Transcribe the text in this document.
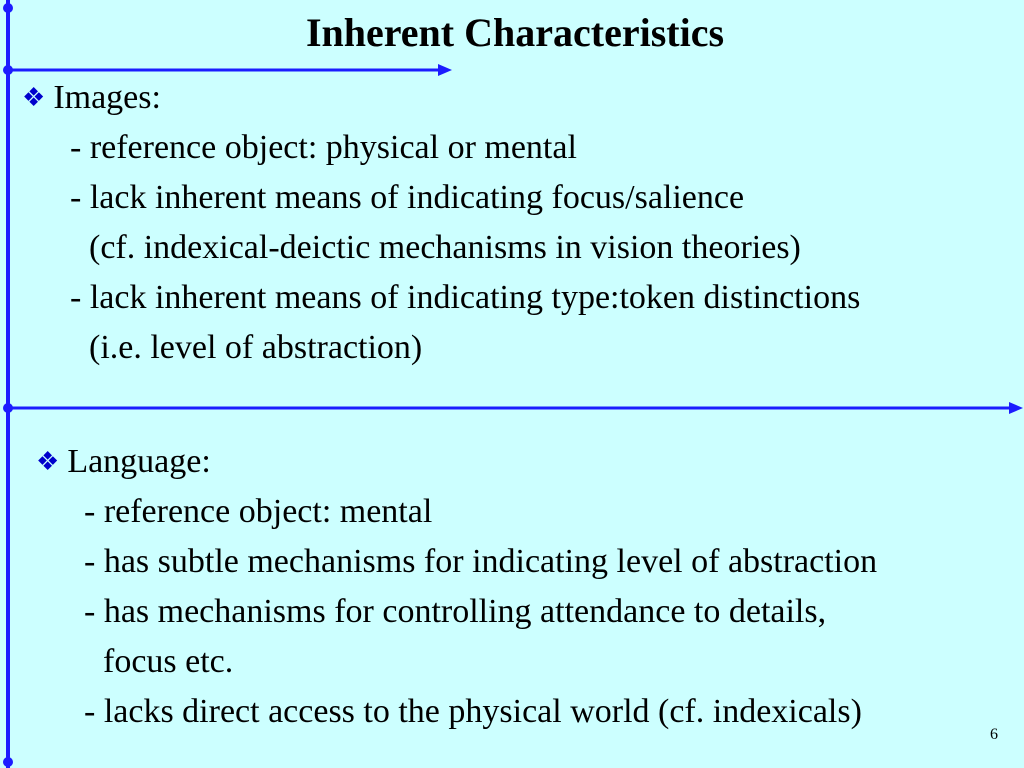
Inherent Characteristics
❖ Images:
- reference object: physical or mental
- lack inherent means of indicating focus/salience
(cf. indexical-deictic mechanisms in vision theories)
- lack inherent means of indicating type:token distinctions
(i.e. level of abstraction)
❖ Language:
- reference object: mental
- has subtle mechanisms for indicating level of abstraction
- has mechanisms for controlling attendance to details,
focus etc.
- lacks direct access to the physical world (cf. indexicals)
6
